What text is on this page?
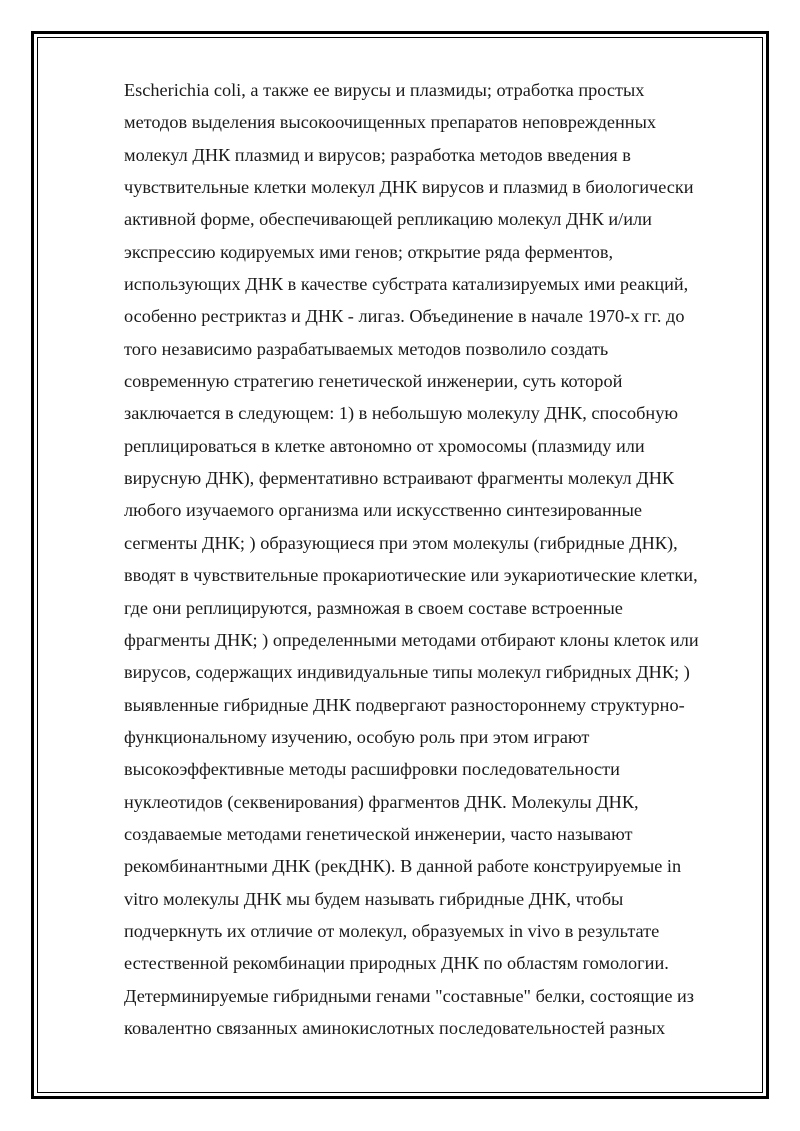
Escherichia coli, а также ее вирусы и плазмиды; отработка простых
методов выделения высокоочищенных препаратов неповрежденных
молекул ДНК плазмид и вирусов; разработка методов введения в
чувствительные клетки молекул ДНК вирусов и плазмид в биологически
активной форме, обеспечивающей репликацию молекул ДНК и/или
экспрессию кодируемых ими генов; открытие ряда ферментов,
использующих ДНК в качестве субстрата катализируемых ими реакций,
особенно рестриктаз и ДНК - лигаз. Объединение в начале 1970-х гг. до
того независимо разрабатываемых методов позволило создать
современную стратегию генетической инженерии, суть которой
заключается в следующем: 1) в небольшую молекулу ДНК, способную
реплицироваться в клетке автономно от хромосомы (плазмиду или
вирусную ДНК), ферментативно встраивают фрагменты молекул ДНК
любого изучаемого организма или искусственно синтезированные
сегменты ДНК; ) образующиеся при этом молекулы (гибридные ДНК),
вводят в чувствительные прокариотические или эукариотические клетки,
где они реплицируются, размножая в своем составе встроенные
фрагменты ДНК; ) определенными методами отбирают клоны клеток или
вирусов, содержащих индивидуальные типы молекул гибридных ДНК; )
выявленные гибридные ДНК подвергают разностороннему структурно-
функциональному изучению, особую роль при этом играют
высокоэффективные методы расшифровки последовательности
нуклеотидов (секвенирования) фрагментов ДНК. Молекулы ДНК,
создаваемые методами генетической инженерии, часто называют
рекомбинантными ДНК (рекДНК). В данной работе конструируемые in
vitro молекулы ДНК мы будем называть гибридные ДНК, чтобы
подчеркнуть их отличие от молекул, образуемых in vivo в результате
естественной рекомбинации природных ДНК по областям гомологии.
Детерминируемые гибридными генами "составные" белки, состоящие из
ковалентно связанных аминокислотных последовательностей разных
